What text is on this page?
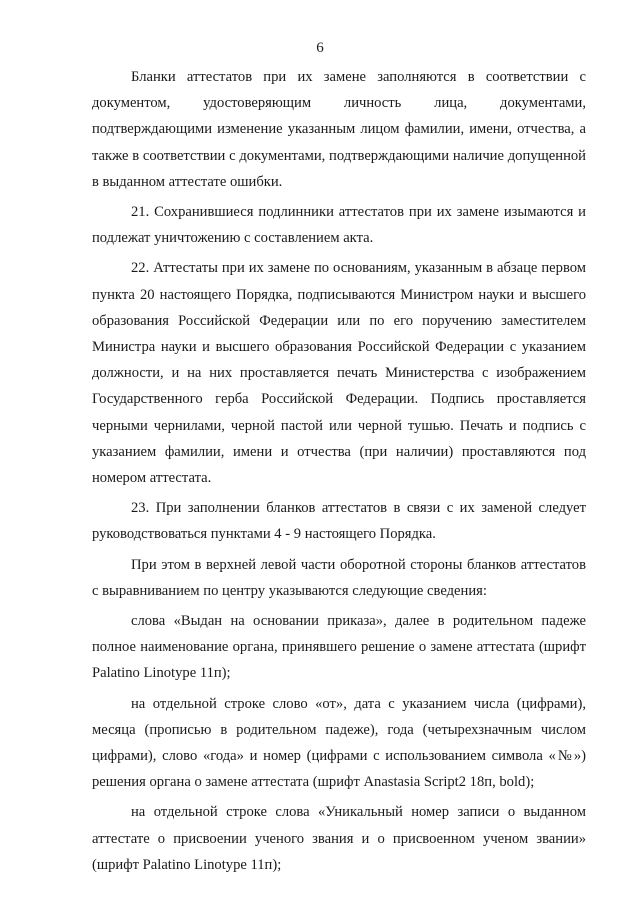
6

Бланки аттестатов при их замене заполняются в соответствии с документом, удостоверяющим личность лица, документами, подтверждающими изменение указанным лицом фамилии, имени, отчества, а также в соответствии с документами, подтверждающими наличие допущенной в выданном аттестате ошибки.

21. Сохранившиеся подлинники аттестатов при их замене изымаются и подлежат уничтожению с составлением акта.

22. Аттестаты при их замене по основаниям, указанным в абзаце первом пункта 20 настоящего Порядка, подписываются Министром науки и высшего образования Российской Федерации или по его поручению заместителем Министра науки и высшего образования Российской Федерации с указанием должности, и на них проставляется печать Министерства с изображением Государственного герба Российской Федерации. Подпись проставляется черными чернилами, черной пастой или черной тушью. Печать и подпись с указанием фамилии, имени и отчества (при наличии) проставляются под номером аттестата.

23. При заполнении бланков аттестатов в связи с их заменой следует руководствоваться пунктами 4 - 9 настоящего Порядка.

При этом в верхней левой части оборотной стороны бланков аттестатов с выравниванием по центру указываются следующие сведения:

слова «Выдан на основании приказа», далее в родительном падеже полное наименование органа, принявшего решение о замене аттестата (шрифт Palatino Linotype 11п);

на отдельной строке слово «от», дата с указанием числа (цифрами), месяца (прописью в родительном падеже), года (четырехзначным числом цифрами), слово «года» и номер (цифрами с использованием символа «№») решения органа о замене аттестата (шрифт Anastasia Script2 18п, bold);

на отдельной строке слова «Уникальный номер записи о выданном аттестате о присвоении ученого звания и о присвоенном ученом звании» (шрифт Palatino Linotype 11п);
